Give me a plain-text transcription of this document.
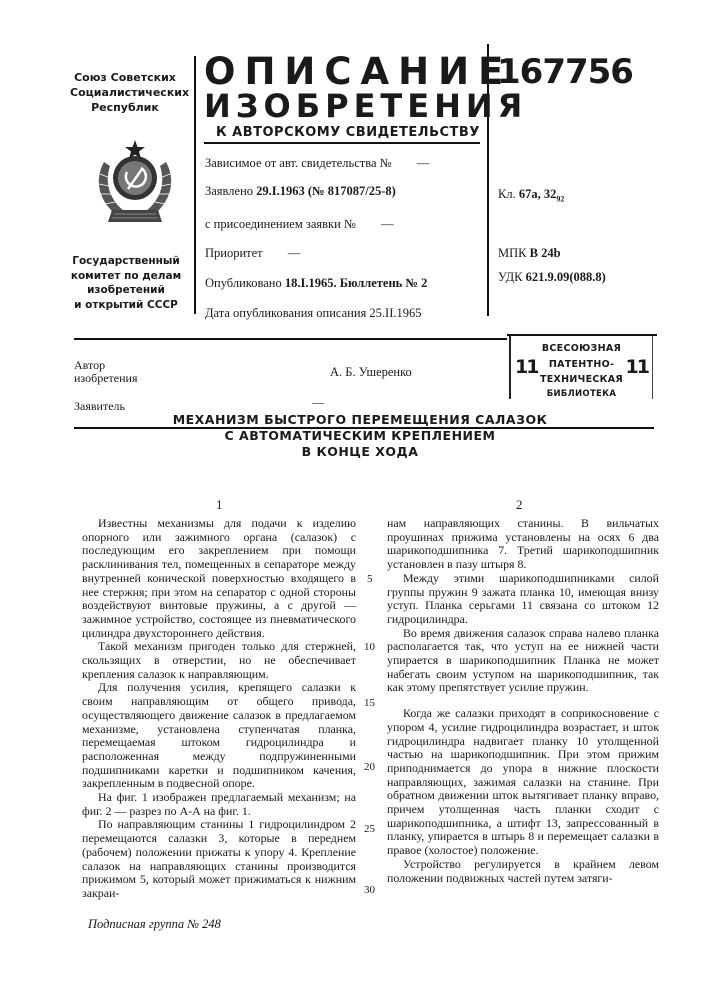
Союз Советских
Социалистических
Республик
Государственный
комитет по делам
изобретений
и открытий СССР
ОПИСАНИЕ
ИЗОБРЕТЕНИЯ
К АВТОРСКОМУ СВИДЕТЕЛЬСТВУ
167756
Зависимое от авт. свидетельства № —
Заявлено 29.I.1963 (№ 817087/25-8)
с присоединением заявки № —
Приоритет —
Опубликовано 18.I.1965. Бюллетень № 2
Дата опубликования описания 25.II.1965
Кл. 67а, $32_{92}$
МПК B 24b
УДК 621.9.09(088.8)
Автор
изобретения	А. Б. Ушеренко
Заявитель	—
ВСЕСОЮЗНАЯ
ПАТЕНТНО-
ТЕХНИЧЕСКАЯ
БИБЛИОТЕКА
11	11
МЕХАНИЗМ БЫСТРОГО ПЕРЕМЕЩЕНИЯ САЛАЗОК
С АВТОМАТИЧЕСКИМ КРЕПЛЕНИЕМ
В КОНЦЕ ХОДА
1	2

Известны механизмы для подачи к изделию опорного или зажимного органа (салазок) с последующим его закреплением при помощи расклинивания тел, помещенных в сепараторе между внутренней конической поверхностью входящего в нее стержня; при этом на сепаратор с одной стороны воздействуют винтовые пружины, а с другой — зажимное устройство, состоящее из пневматического цилиндра двухстороннего действия.

Такой механизм пригоден только для стержней, скользящих в отверстии, но не обеспечивает крепления салазок к направляющим.

Для получения усилия, крепящего салазки к своим направляющим от общего привода, осуществляющего движение салазок в предлагаемом механизме, установлена ступенчатая планка, перемещаемая штоком гидроцилиндра и расположенная между подпружиненными подшипниками каретки и подшипником качения, закрепленным в подвесной опоре.

На фиг. 1 изображен предлагаемый механизм; на фиг. 2 — разрез по А-А на фиг. 1.

По направляющим станины 1 гидроцилиндром 2 перемещаются салазки 3, которые в переднем (рабочем) положении прижаты к упору 4. Крепление салазок на направляющих станины производится прижимом 5, который может прижиматься к нижним закраи-

нам направляющих станины. В вильчатых проушинах прижима установлены на осях 6 два шарикоподшипника 7. Третий шарикоподшипник установлен в пазу штыря 8.

Между этими шарикоподшипниками силой группы пружин 9 зажата планка 10, имеющая внизу уступ. Планка серьгами 11 связана со штоком 12 гидроцилиндра.

Во время движения салазок справа налево планка располагается так, что уступ на ее нижней части упирается в шарикоподшипник Планка не может набегать своим уступом на шарикоподшипник, так как этому препятствует усилие пружин.

Когда же салазки приходят в соприкосновение с упором 4, усилие гидроцилиндра возрастает, и шток гидроцилиндра надвигает планку 10 утолщенной частью на шарикоподшипник. При этом прижим приподнимается до упора в нижние плоскости направляющих, зажимая салазки на станине. При обратном движении шток вытягивает планку вправо, причем утолщенная часть планки сходит с шарикоподшипника, а штифт 13, запрессованный в планку, упирается в штырь 8 и перемещает салазки в правое (холостое) положение.

Устройство регулируется в крайнем левом положении подвижных частей путем затяги-

5
10
15
20
25
30
Подписная группа № 248
